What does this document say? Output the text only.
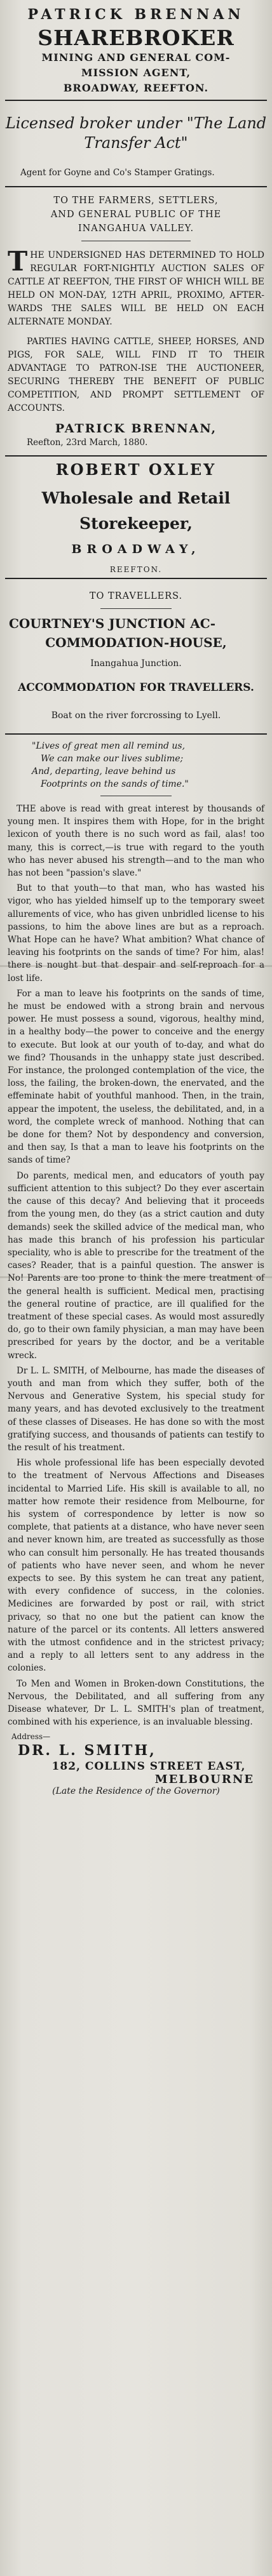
PATRICK BRENNAN
SHAREBROKER
MINING AND GENERAL COM-
MISSION AGENT,
BROADWAY, REEFTON.
Licensed broker under "The Land Transfer Act"
Agent for Goyne and Co's Stamper Gratings.
TO THE FARMERS, SETTLERS,
AND GENERAL PUBLIC OF THE INANGAHUA VALLEY.
THE UNDERSIGNED HAS DETERMINED TO HOLD REGULAR FORT-NIGHTLY AUCTION SALES OF CATTLE AT REEFTON, THE FIRST OF WHICH WILL BE HELD ON MON-DAY, 12TH APRIL, PROXIMO, AFTER-WARDS THE SALES WILL BE HELD ON EACH ALTERNATE MONDAY.
PARTIES HAVING CATTLE, SHEEP, HORSES, AND PIGS, FOR SALE, WILL FIND IT TO THEIR ADVANTAGE TO PATRON-ISE THE AUCTIONEER, SECURING THEREBY THE BENEFIT OF PUBLIC COMPETITION, AND PROMPT SETTLEMENT OF ACCOUNTS.
PATRICK BRENNAN,
Reefton, 23rd March, 1880.
ROBERT OXLEY
Wholesale and Retail
Storekeeper,
BROADWAY,
REEFTON.
TO TRAVELLERS.
COURTNEY'S JUNCTION AC-
COMMODATION-HOUSE,
Inangahua Junction.
ACCOMMODATION FOR TRAVELLERS.
Boat on the river forcrossing to Lyell.
"Lives of great men all remind us,
We can make our lives sublime;
And, departing, leave behind us
Footprints on the sands of time."

THE above is read with great interest by thousands of young men. It inspires them with Hope, for in the bright lexicon of youth there is no such word as fail, alas! too many, this is correct,—is true with regard to the youth who has never abused his strength—and to the man who has not been "passion's slave."

But to that youth—to that man, who has wasted his vigor, who has yielded himself up to the temporary sweet allurements of vice, who has given unbridled license to his passions, to him the above lines are but as a reproach. What Hope can he have? What ambition? What chance of leaving his footprints on the sands of time? For him, alas! there is nought but that despair and self-reproach for a lost life.

For a man to leave his footprints on the sands of time, he must be endowed with a strong brain and nervous power. He must possess a sound, vigorous, healthy mind, in a healthy body—the power to conceive and the energy to execute. But look at our youth of to-day, and what do we find? Thousands in the unhappy state just described. For instance, the prolonged contemplation of the vice, the loss, the failing, the broken-down, the enervated, and the effeminate habit of youthful manhood. Then, in the train, appear the impotent, the useless, the debilitated, and, in a word, the complete wreck of manhood. Nothing that can be done for them? Not by despondency and conversion, and then say, Is that a man to leave his footprints on the sands of time?

Do parents, medical men, and educators of youth pay sufficient attention to this subject? Do they ever ascertain the cause of this decay? And believing that it proceeds from the young men, do they (as a strict caution and duty demands) seek the skilled advice of the medical man, who has made this branch of his profession his particular speciality, who is able to prescribe for the treatment of the cases? Reader, that is a painful question. The answer is No! Parents are too prone to think the mere treatment of the general health is sufficient. Medical men, practising the general routine of practice, are ill qualified for the treatment of these special cases. As would most assuredly do, go to their own family physician, a man may have been prescribed for years by the doctor, and be a veritable wreck.

Dr L. L. SMITH, of Melbourne, has made the diseases of youth and man from which they suffer, both of the Nervous and Generative System, his special study for many years, and has devoted exclusively to the treatment of these classes of Diseases. He has done so with the most gratifying success, and thousands of patients can testify to the result of his treatment.

His whole professional life has been especially devoted to the treatment of Nervous Affections and Diseases incidental to Married Life. His skill is available to all, no matter how remote their residence from Melbourne, for his system of correspondence by letter is now so complete, that patients at a distance, who have never seen and never known him, are treated as successfully as those who can consult him personally. He has treated thousands of patients who have never seen, and whom he never expects to see. By this system he can treat any patient, with every confidence of success, in the colonies. Medicines are forwarded by post or rail, with strict privacy, so that no one but the patient can know the nature of the parcel or its contents. All letters answered with the utmost confidence and in the strictest privacy; and a reply to all letters sent to any address in the colonies.

To Men and Women in Broken-down Constitutions, the Nervous, the Debilitated, and all suffering from any Disease whatever, Dr L. L. SMITH's plan of treatment, combined with his experience, is an invaluable blessing.

Address—
DR. L. SMITH,
182, COLLINS STREET EAST,
MELBOURNE
(Late the Residence of the Governor)
